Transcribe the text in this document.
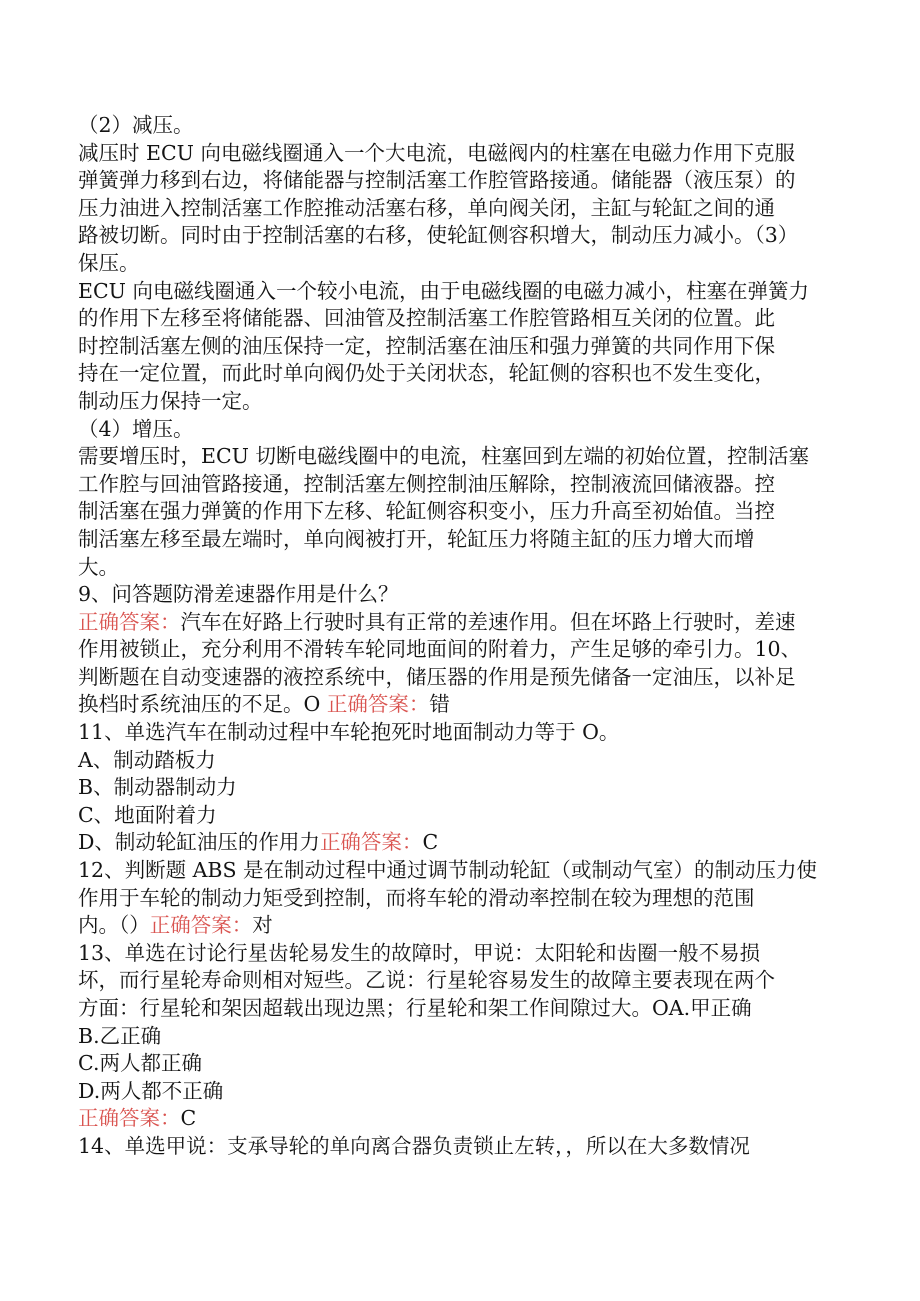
（2）减压。
减压时 ECU 向电磁线圈通入一个大电流，电磁阀内的柱塞在电磁力作用下克服
弹簧弹力移到右边，将储能器与控制活塞工作腔管路接通。储能器（液压泵）的
压力油进入控制活塞工作腔推动活塞右移，单向阀关闭，主缸与轮缸之间的通
路被切断。同时由于控制活塞的右移，使轮缸侧容积增大，制动压力减小。（3）
保压。
ECU 向电磁线圈通入一个较小电流，由于电磁线圈的电磁力减小，柱塞在弹簧力
的作用下左移至将储能器、回油管及控制活塞工作腔管路相互关闭的位置。此
时控制活塞左侧的油压保持一定，控制活塞在油压和强力弹簧的共同作用下保
持在一定位置，而此时单向阀仍处于关闭状态，轮缸侧的容积也不发生变化，
制动压力保持一定。
（4）增压。
需要增压时，ECU 切断电磁线圈中的电流，柱塞回到左端的初始位置，控制活塞
工作腔与回油管路接通，控制活塞左侧控制油压解除，控制液流回储液器。控
制活塞在强力弹簧的作用下左移、轮缸侧容积变小，压力升高至初始值。当控
制活塞左移至最左端时，单向阀被打开，轮缸压力将随主缸的压力增大而增
大。
9、问答题防滑差速器作用是什么？
正确答案：汽车在好路上行驶时具有正常的差速作用。但在坏路上行驶时，差速
作用被锁止，充分利用不滑转车轮同地面间的附着力，产生足够的牵引力。10、
判断题在自动变速器的液控系统中，储压器的作用是预先储备一定油压，以补足
换档时系统油压的不足。O 正确答案：错
11、单选汽车在制动过程中车轮抱死时地面制动力等于 O。
A、制动踏板力
B、制动器制动力
C、地面附着力
D、制动轮缸油压的作用力正确答案：C
12、判断题 ABS 是在制动过程中通过调节制动轮缸（或制动气室）的制动压力使
作用于车轮的制动力矩受到控制，而将车轮的滑动率控制在较为理想的范围
内。（）正确答案：对
13、单选在讨论行星齿轮易发生的故障时，甲说：太阳轮和齿圈一般不易损
坏，而行星轮寿命则相对短些。乙说：行星轮容易发生的故障主要表现在两个
方面：行星轮和架因超载出现边黑；行星轮和架工作间隙过大。OA.甲正确
B.乙正确
C.两人都正确
D.两人都不正确
正确答案：C
14、单选甲说：支承导轮的单向离合器负责锁止左转，，所以在大多数情况
